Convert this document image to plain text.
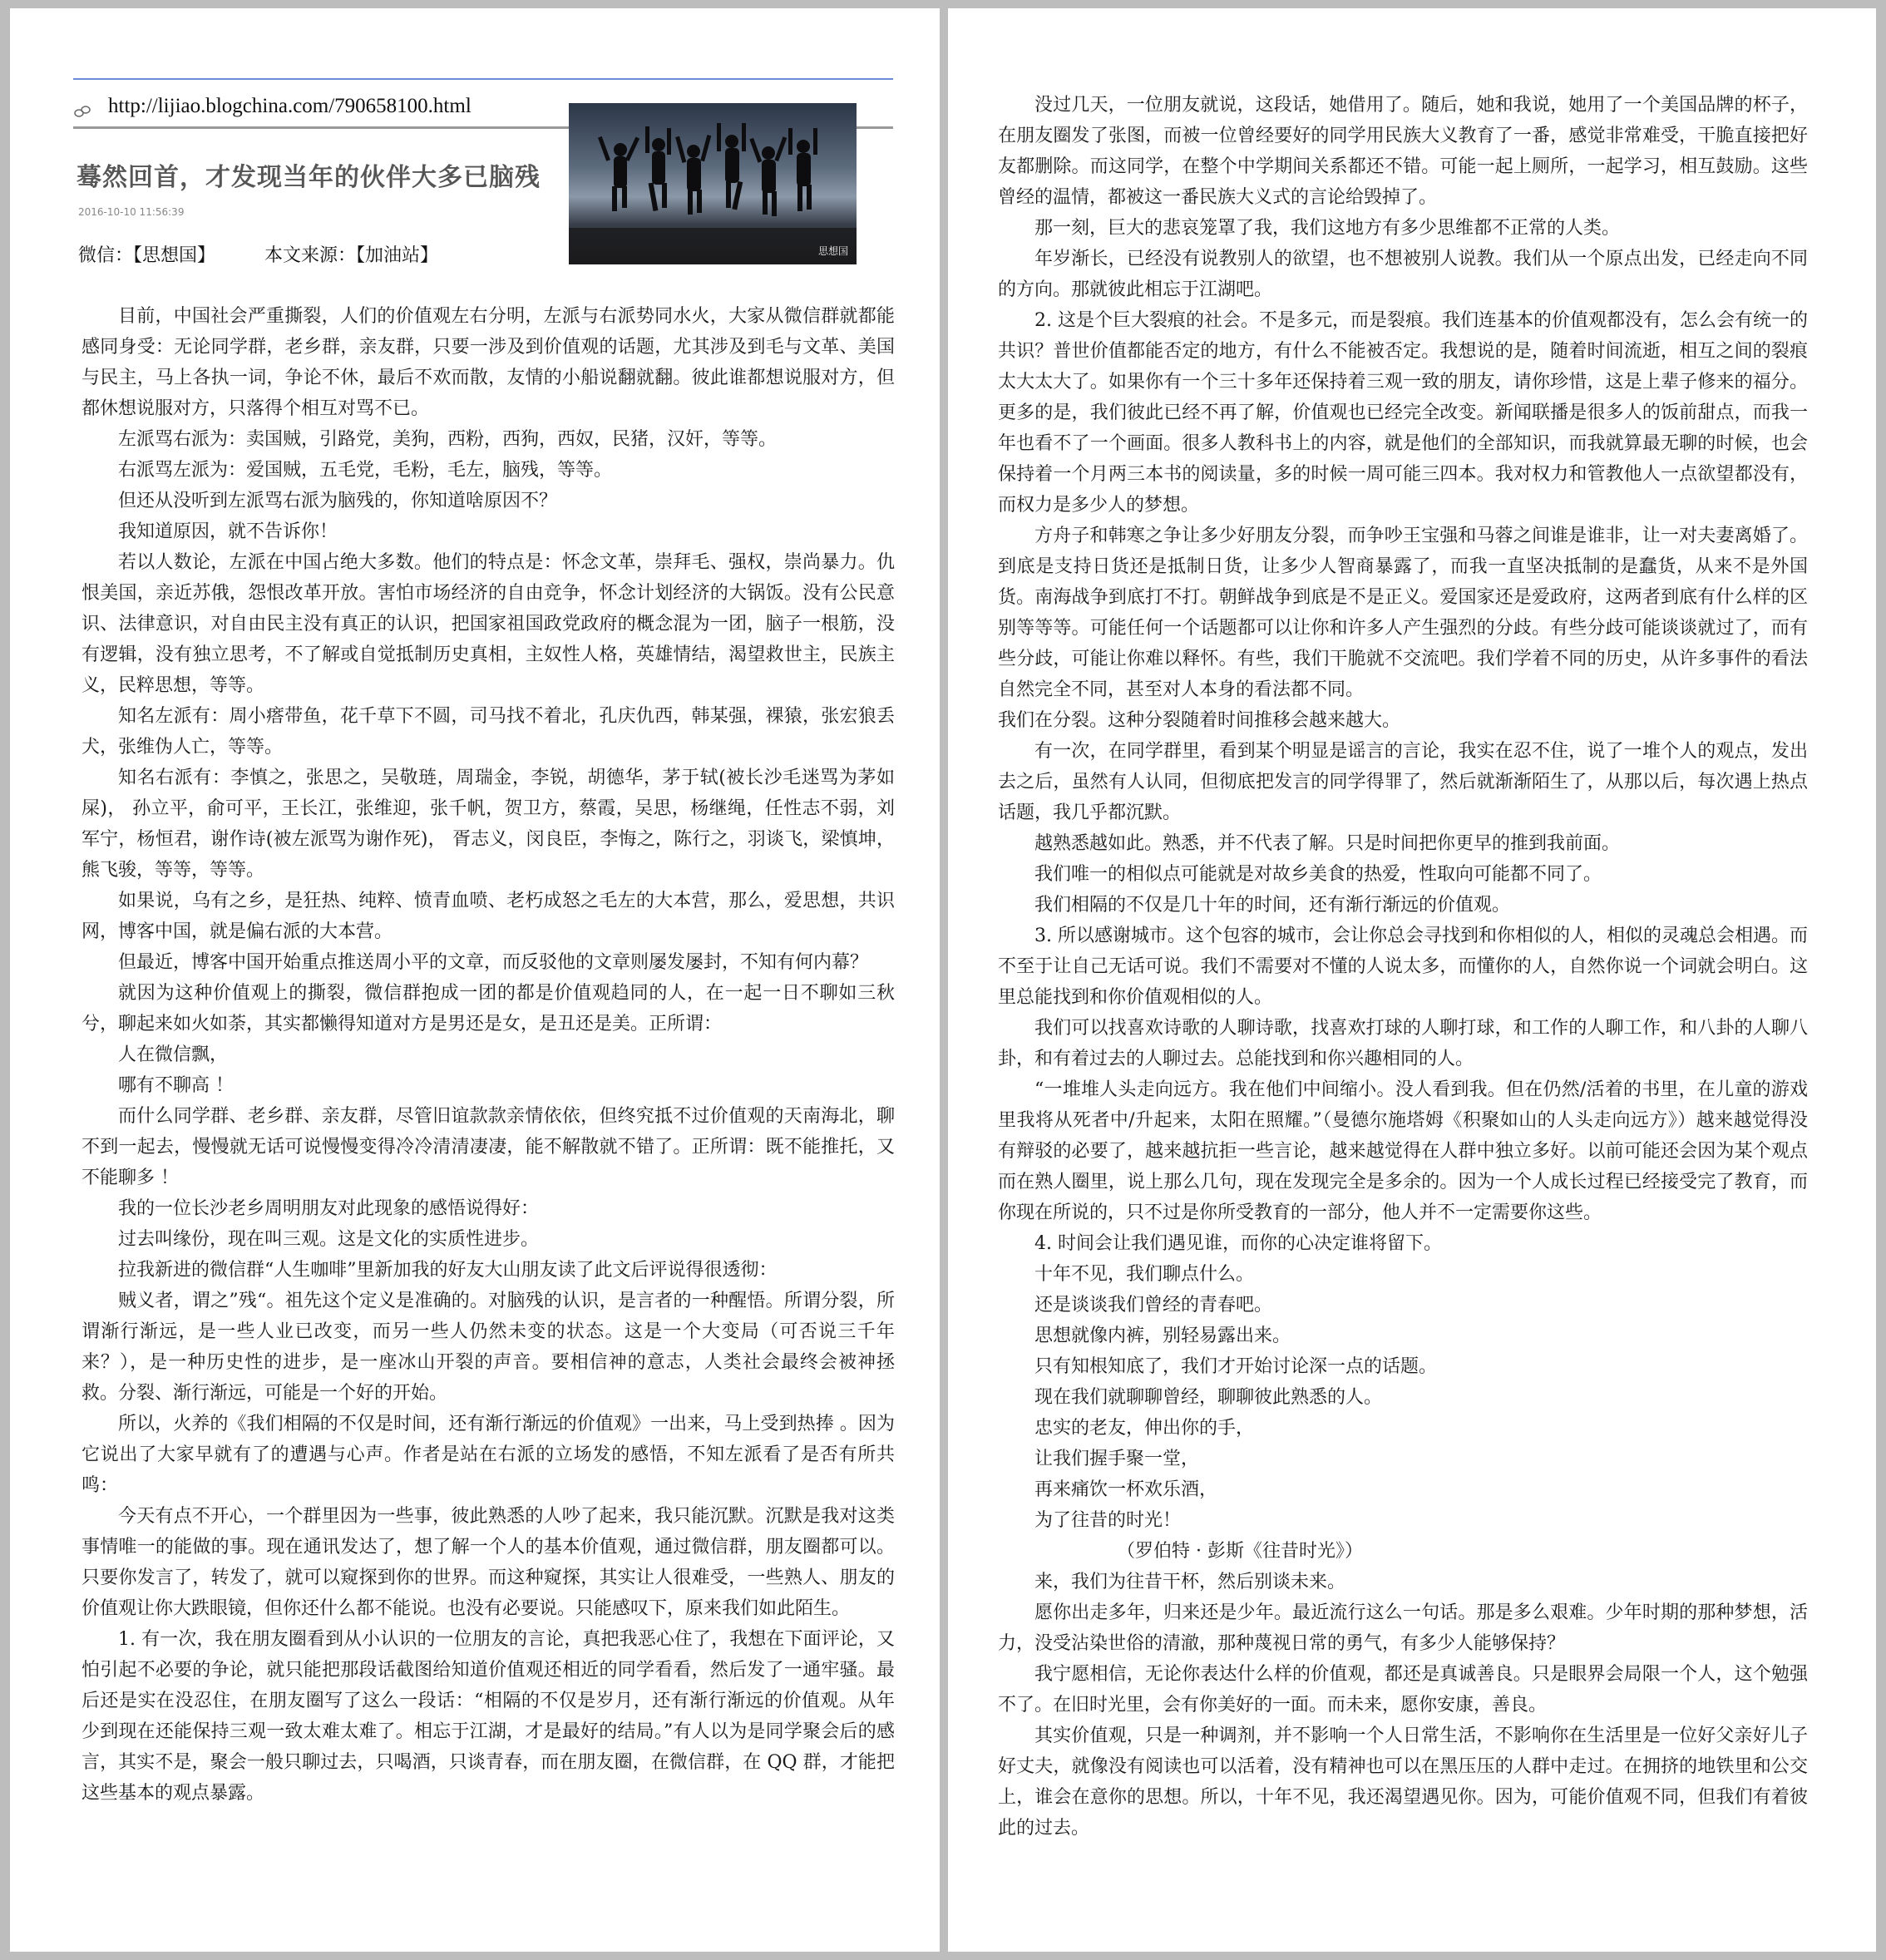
http://lijiao.blogchina.com/790658100.html
思想国
蓦然回首，才发现当年的伙伴大多已脑残
2016-10-10 11:56:39
微信：【思想国】	本文来源：【加油站】

目前，中国社会严重撕裂，人们的价值观左右分明，左派与右派势同水火，大家从微信群就都能感同身受：无论同学群，老乡群，亲友群，只要一涉及到价值观的话题，尤其涉及到毛与文革、美国与民主，马上各执一词，争论不休，最后不欢而散，友情的小船说翻就翻。彼此谁都想说服对方，但都休想说服对方，只落得个相互对骂不已。

左派骂右派为：卖国贼，引路党，美狗，西粉，西狗，西奴，民猪，汉奸，等等。

右派骂左派为：爱国贼，五毛党，毛粉，毛左，脑残，等等。

但还从没听到左派骂右派为脑残的，你知道啥原因不？

我知道原因，就不告诉你！

若以人数论，左派在中国占绝大多数。他们的特点是：怀念文革，崇拜毛、强权，崇尚暴力。仇恨美国，亲近苏俄，怨恨改革开放。害怕市场经济的自由竞争，怀念计划经济的大锅饭。没有公民意识、法律意识，对自由民主没有真正的认识，把国家祖国政党政府的概念混为一团，脑子一根筋，没有逻辑，没有独立思考，不了解或自觉抵制历史真相，主奴性人格，英雄情结，渴望救世主，民族主义，民粹思想，等等。

知名左派有：周小瘩带鱼，花千草下不圆，司马找不着北，孔庆仇西，韩某强，裸猿，张宏狼丢犬，张维伪人亡，等等。

知名右派有：李慎之，张思之，吴敬琏，周瑞金，李锐，胡德华，茅于轼(被长沙毛迷骂为茅如屎)， 孙立平，俞可平，王长江，张维迎，张千帆，贺卫方，蔡霞，吴思，杨继绳，任性志不弱，刘军宁，杨恒君，谢作诗(被左派骂为谢作死)， 胥志义，闵良臣，李悔之，陈行之，羽谈飞，梁慎坤，熊飞骏，等等，等等。

如果说，乌有之乡，是狂热、纯粹、愤青血喷、老朽成怒之毛左的大本营，那么，爱思想，共识网，博客中国，就是偏右派的大本营。

但最近，博客中国开始重点推送周小平的文章，而反驳他的文章则屡发屡封，不知有何内幕？

就因为这种价值观上的撕裂，微信群抱成一团的都是价值观趋同的人，在一起一日不聊如三秋兮，聊起来如火如荼，其实都懒得知道对方是男还是女，是丑还是美。正所谓：

人在微信飘，

哪有不聊高 ！

而什么同学群、老乡群、亲友群，尽管旧谊款款亲情依依，但终究抵不过价值观的天南海北，聊不到一起去，慢慢就无话可说慢慢变得冷冷清清凄凄，能不解散就不错了。正所谓：既不能推托，又不能聊多 ！

我的一位长沙老乡周明朋友对此现象的感悟说得好：

过去叫缘份，现在叫三观。这是文化的实质性进步。

拉我新进的微信群“人生咖啡”里新加我的好友大山朋友读了此文后评说得很透彻：

贼义者，谓之”残“。祖先这个定义是准确的。对脑残的认识，是言者的一种醒悟。所谓分裂，所谓渐行渐远，是一些人业已改变，而另一些人仍然未变的状态。这是一个大变局（可否说三千年来？），是一种历史性的进步，是一座冰山开裂的声音。要相信神的意志，人类社会最终会被神拯救。分裂、渐行渐远，可能是一个好的开始。

所以，火养的《我们相隔的不仅是时间，还有渐行渐远的价值观》一出来，马上受到热捧 。因为它说出了大家早就有了的遭遇与心声。作者是站在右派的立场发的感悟，不知左派看了是否有所共鸣：

今天有点不开心，一个群里因为一些事，彼此熟悉的人吵了起来，我只能沉默。沉默是我对这类事情唯一的能做的事。现在通讯发达了，想了解一个人的基本价值观，通过微信群，朋友圈都可以。只要你发言了，转发了，就可以窥探到你的世界。而这种窥探，其实让人很难受，一些熟人、朋友的价值观让你大跌眼镜，但你还什么都不能说。也没有必要说。只能感叹下，原来我们如此陌生。

1. 有一次，我在朋友圈看到从小认识的一位朋友的言论，真把我恶心住了，我想在下面评论，又怕引起不必要的争论，就只能把那段话截图给知道价值观还相近的同学看看，然后发了一通牢骚。最后还是实在没忍住，在朋友圈写了这么一段话：“相隔的不仅是岁月，还有渐行渐远的价值观。从年少到现在还能保持三观一致太难太难了。相忘于江湖，才是最好的结局。”有人以为是同学聚会后的感言，其实不是，聚会一般只聊过去，只喝酒，只谈青春，而在朋友圈，在微信群，在 QQ 群，才能把这些基本的观点暴露。

没过几天，一位朋友就说，这段话，她借用了。随后，她和我说，她用了一个美国品牌的杯子，在朋友圈发了张图，而被一位曾经要好的同学用民族大义教育了一番，感觉非常难受，干脆直接把好友都删除。而这同学，在整个中学期间关系都还不错。可能一起上厕所，一起学习，相互鼓励。这些曾经的温情，都被这一番民族大义式的言论给毁掉了。

那一刻，巨大的悲哀笼罩了我，我们这地方有多少思维都不正常的人类。

年岁渐长，已经没有说教别人的欲望，也不想被别人说教。我们从一个原点出发，已经走向不同的方向。那就彼此相忘于江湖吧。

2. 这是个巨大裂痕的社会。不是多元，而是裂痕。我们连基本的价值观都没有，怎么会有统一的共识？普世价值都能否定的地方，有什么不能被否定。我想说的是，随着时间流逝，相互之间的裂痕太大太大了。如果你有一个三十多年还保持着三观一致的朋友，请你珍惜，这是上辈子修来的福分。更多的是，我们彼此已经不再了解，价值观也已经完全改变。新闻联播是很多人的饭前甜点，而我一年也看不了一个画面。很多人教科书上的内容，就是他们的全部知识，而我就算最无聊的时候，也会保持着一个月两三本书的阅读量，多的时候一周可能三四本。我对权力和管教他人一点欲望都没有，而权力是多少人的梦想。

方舟子和韩寒之争让多少好朋友分裂，而争吵王宝强和马蓉之间谁是谁非，让一对夫妻离婚了。到底是支持日货还是抵制日货，让多少人智商暴露了，而我一直坚决抵制的是蠢货，从来不是外国货。南海战争到底打不打。朝鲜战争到底是不是正义。爱国家还是爱政府，这两者到底有什么样的区别等等等。可能任何一个话题都可以让你和许多人产生强烈的分歧。有些分歧可能谈谈就过了，而有些分歧，可能让你难以释怀。有些，我们干脆就不交流吧。我们学着不同的历史，从许多事件的看法自然完全不同，甚至对人本身的看法都不同。

我们在分裂。这种分裂随着时间推移会越来越大。

有一次，在同学群里，看到某个明显是谣言的言论，我实在忍不住，说了一堆个人的观点，发出去之后，虽然有人认同，但彻底把发言的同学得罪了，然后就渐渐陌生了，从那以后，每次遇上热点话题，我几乎都沉默。

越熟悉越如此。熟悉，并不代表了解。只是时间把你更早的推到我前面。

我们唯一的相似点可能就是对故乡美食的热爱，性取向可能都不同了。

我们相隔的不仅是几十年的时间，还有渐行渐远的价值观。

3. 所以感谢城市。这个包容的城市，会让你总会寻找到和你相似的人，相似的灵魂总会相遇。而不至于让自己无话可说。我们不需要对不懂的人说太多，而懂你的人，自然你说一个词就会明白。这里总能找到和你价值观相似的人。

我们可以找喜欢诗歌的人聊诗歌，找喜欢打球的人聊打球，和工作的人聊工作，和八卦的人聊八卦，和有着过去的人聊过去。总能找到和你兴趣相同的人。

“一堆堆人头走向远方。我在他们中间缩小。没人看到我。但在仍然/活着的书里，在儿童的游戏里我将从死者中/升起来，太阳在照耀。”（曼德尔施塔姆《积聚如山的人头走向远方》）越来越觉得没有辩驳的必要了，越来越抗拒一些言论，越来越觉得在人群中独立多好。以前可能还会因为某个观点而在熟人圈里，说上那么几句，现在发现完全是多余的。因为一个人成长过程已经接受完了教育，而你现在所说的，只不过是你所受教育的一部分，他人并不一定需要你这些。

4. 时间会让我们遇见谁，而你的心决定谁将留下。

十年不见，我们聊点什么。

还是谈谈我们曾经的青春吧。

思想就像内裤，别轻易露出来。

只有知根知底了，我们才开始讨论深一点的话题。

现在我们就聊聊曾经，聊聊彼此熟悉的人。

忠实的老友，伸出你的手，

让我们握手聚一堂，

再来痛饮一杯欢乐酒，

为了往昔的时光！

（罗伯特 · 彭斯《往昔时光》）

来，我们为往昔干杯，然后别谈未来。

愿你出走多年，归来还是少年。最近流行这么一句话。那是多么艰难。少年时期的那种梦想，活力，没受沾染世俗的清澈，那种蔑视日常的勇气，有多少人能够保持？

我宁愿相信，无论你表达什么样的价值观，都还是真诚善良。只是眼界会局限一个人，这个勉强不了。在旧时光里，会有你美好的一面。而未来，愿你安康，善良。

其实价值观，只是一种调剂，并不影响一个人日常生活，不影响你在生活里是一位好父亲好儿子好丈夫，就像没有阅读也可以活着，没有精神也可以在黑压压的人群中走过。在拥挤的地铁里和公交上，谁会在意你的思想。所以，十年不见，我还渴望遇见你。因为，可能价值观不同，但我们有着彼此的过去。
